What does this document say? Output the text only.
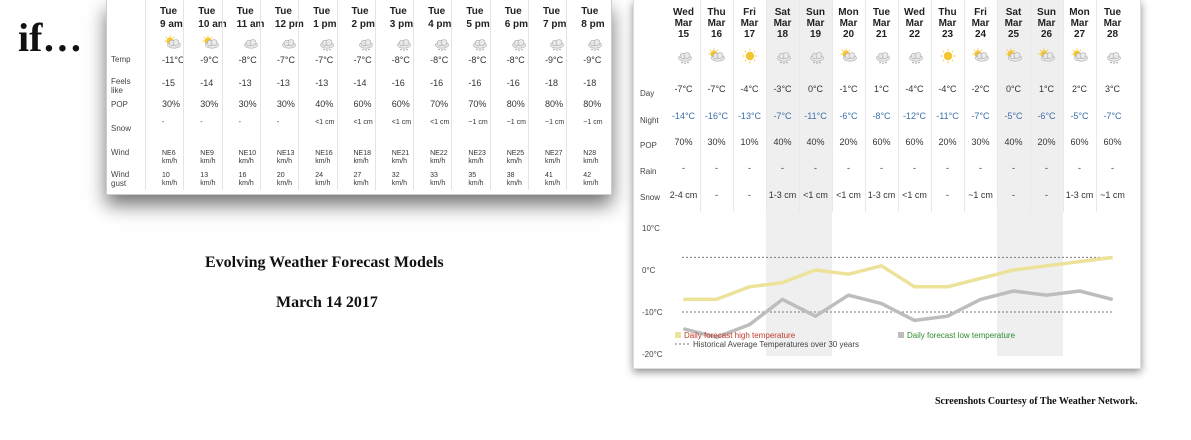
if…
Evolving Weather Forecast Models
March 14 2017
Screenshots Courtesy of The Weather Network.
Temp
Feels
like
POP
Snow
Wind
Wind
gust
Tue
9 am
-11°C
-15
30%
-
NE6
km/h
10
km/h
Tue
10 am
-9°C
-14
30%
-
NE9
km/h
13
km/h
Tue
11 am
-8°C
-13
30%
-
NE10
km/h
16
km/h
Tue
12 pm
-7°C
-13
30%
-
NE13
km/h
20
km/h
Tue
1 pm
-7°C
-13
40%
<1 cm
NE16
km/h
24
km/h
Tue
2 pm
-7°C
-14
60%
<1 cm
NE18
km/h
27
km/h
Tue
3 pm
-8°C
-16
60%
<1 cm
NE21
km/h
32
km/h
Tue
4 pm
-8°C
-16
70%
<1 cm
NE22
km/h
33
km/h
Tue
5 pm
-8°C
-16
70%
~1 cm
NE23
km/h
35
km/h
Tue
6 pm
-8°C
-16
80%
~1 cm
NE25
km/h
38
km/h
Tue
7 pm
-9°C
-18
80%
~1 cm
NE27
km/h
41
km/h
Tue
8 pm
-9°C
-18
80%
~1 cm
N28
km/h
42
km/h
Tue
Mar
28
3°C
-7°C
60%
-
~1 cm
Mon
Mar
27
2°C
-5°C
60%
-
1-3 cm
Sun
Mar
26
1°C
-6°C
20%
-
-
Sat
Mar
25
0°C
-5°C
40%
-
-
Fri
Mar
24
-2°C
-7°C
30%
-
~1 cm
Thu
Mar
23
-4°C
-11°C
20%
-
-
Wed
Mar
22
-4°C
-12°C
60%
-
<1 cm
Tue
Mar
21
1°C
-8°C
60%
-
1-3 cm
Mon
Mar
20
-1°C
-6°C
20%
-
<1 cm
Sun
Mar
19
0°C
-11°C
40%
-
<1 cm
Sat
Mar
18
-3°C
-7°C
40%
-
1-3 cm
Fri
Mar
17
-4°C
-13°C
10%
-
-
Thu
Mar
16
-7°C
-16°C
30%
-
-
Wed
Mar
15
-7°C
-14°C
70%
-
2-4 cm
Day
Night
POP
Rain
Snow
10°C
0°C
-10°C
-20°C
Daily forecast high temperature	Daily forecast low temperature
Historical Average Temperatures over 30 years
